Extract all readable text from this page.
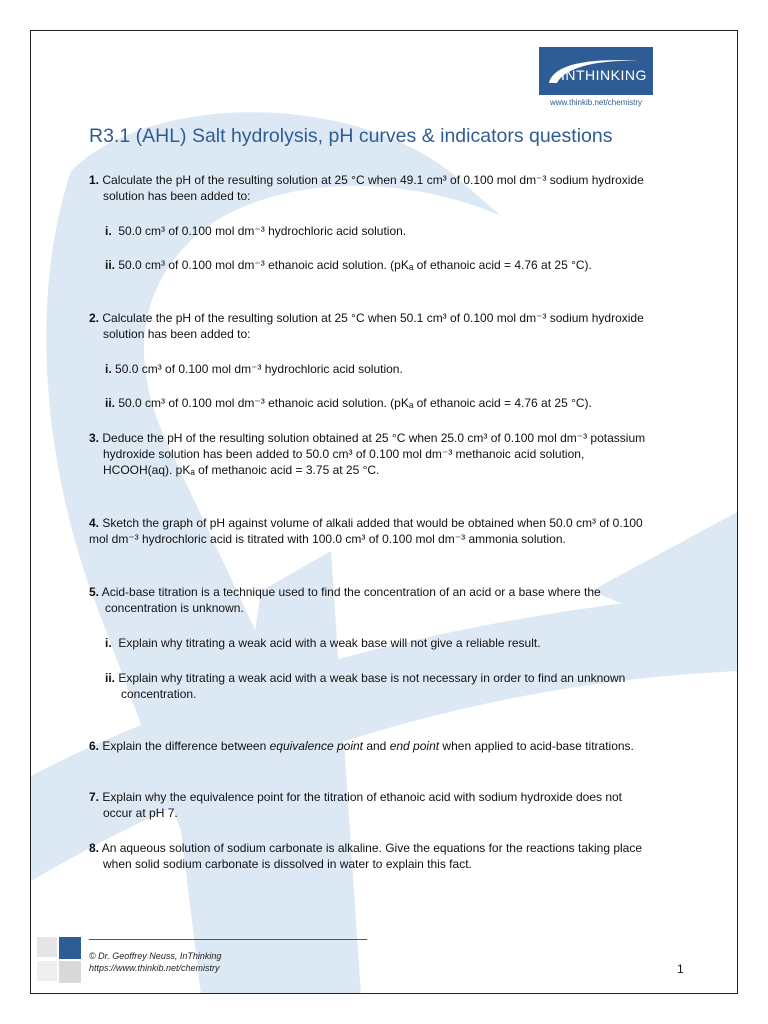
INTHINKING
www.thinkib.net/chemistry
R3.1 (AHL) Salt hydrolysis, pH curves & indicators questions
1. Calculate the pH of the resulting solution at 25 °C when 49.1 cm³ of 0.100 mol dm⁻³ sodium hydroxide
solution has been added to:
i. 50.0 cm³ of 0.100 mol dm⁻³ hydrochloric acid solution.
ii. 50.0 cm³ of 0.100 mol dm⁻³ ethanoic acid solution. (pKₐ of ethanoic acid = 4.76 at 25 °C).
2. Calculate the pH of the resulting solution at 25 °C when 50.1 cm³ of 0.100 mol dm⁻³ sodium hydroxide
solution has been added to:
i. 50.0 cm³ of 0.100 mol dm⁻³ hydrochloric acid solution.
ii. 50.0 cm³ of 0.100 mol dm⁻³ ethanoic acid solution. (pKₐ of ethanoic acid = 4.76 at 25 °C).
3. Deduce the pH of the resulting solution obtained at 25 °C when 25.0 cm³ of 0.100 mol dm⁻³ potassium
hydroxide solution has been added to 50.0 cm³ of 0.100 mol dm⁻³ methanoic acid solution,
HCOOH(aq). pKₐ of methanoic acid = 3.75 at 25 °C.
4. Sketch the graph of pH against volume of alkali added that would be obtained when 50.0 cm³ of 0.100
mol dm⁻³ hydrochloric acid is titrated with 100.0 cm³ of 0.100 mol dm⁻³ ammonia solution.
5. Acid-base titration is a technique used to find the concentration of an acid or a base where the
concentration is unknown.
i. Explain why titrating a weak acid with a weak base will not give a reliable result.
ii. Explain why titrating a weak acid with a weak base is not necessary in order to find an unknown
concentration.
6. Explain the difference between equivalence point and end point when applied to acid-base titrations.
7. Explain why the equivalence point for the titration of ethanoic acid with sodium hydroxide does not
occur at pH 7.
8. An aqueous solution of sodium carbonate is alkaline. Give the equations for the reactions taking place
when solid sodium carbonate is dissolved in water to explain this fact.
© Dr. Geoffrey Neuss, InThinking
https://www.thinkib.net/chemistry	1
